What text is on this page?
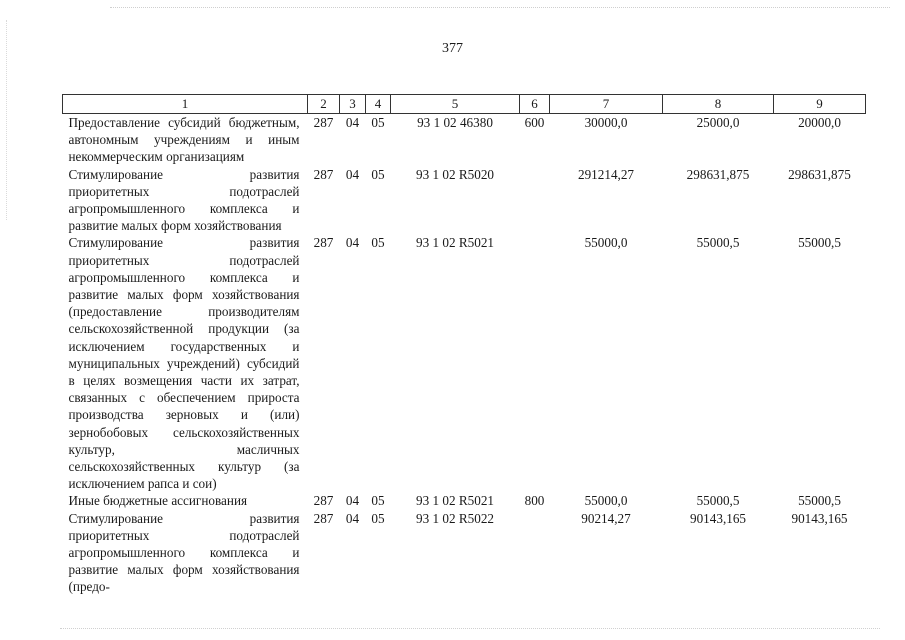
377
1	2	3	4	5	6	7	8	9
Предоставление субсидий бюджетным, автономным учреждениям и иным некоммерческим организациям	287	04	05	93 1 02 46380	600	30000,0	25000,0	20000,0
Стимулирование развития приоритетных подотраслей агропромышленного комплекса и развитие малых форм хозяйствования	287	04	05	93 1 02 R5020		291214,27	298631,875	298631,875
Стимулирование развития приоритетных подотраслей агропромышленного комплекса и развитие малых форм хозяйствования (предоставление производителям сельскохозяйственной продукции (за исключением государственных и муниципальных учреждений) субсидий в целях возмещения части их затрат, связанных с обеспечением прироста производства зерновых и (или) зернобобовых сельскохозяйственных культур, масличных сельскохозяйственных культур (за исключением рапса и сои)	287	04	05	93 1 02 R5021		55000,0	55000,5	55000,5
Иные бюджетные ассигнования	287	04	05	93 1 02 R5021	800	55000,0	55000,5	55000,5
Стимулирование развития приоритетных подотраслей агропромышленного комплекса и развитие малых форм хозяйствования (предо-	287	04	05	93 1 02 R5022		90214,27	90143,165	90143,165
